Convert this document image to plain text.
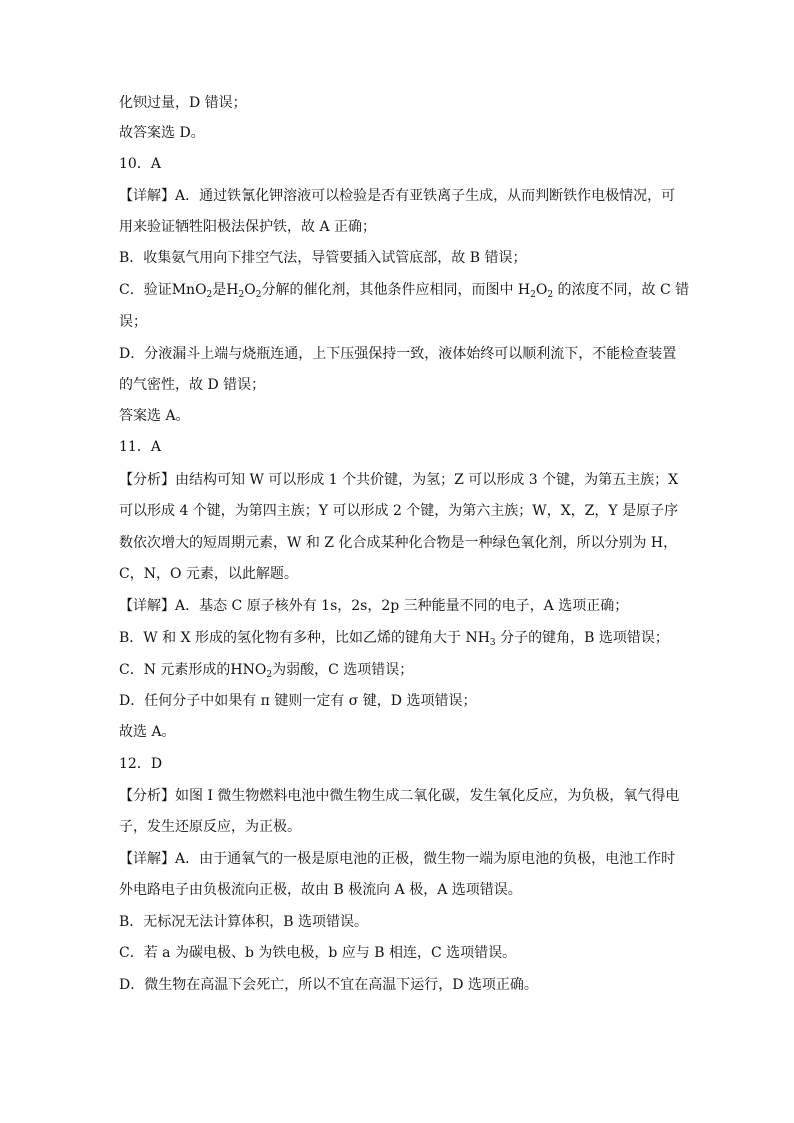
化钡过量，D 错误；
故答案选 D。
10．A
【详解】A．通过铁氰化钾溶液可以检验是否有亚铁离子生成，从而判断铁作电极情况，可
用来验证牺牲阳极法保护铁，故 A 正确；
B．收集氨气用向下排空气法，导管要插入试管底部，故 B 错误；
C．验证MnO$_2$是$H_2O_2$分解的催化剂，其他条件应相同，而图中 $H_2O_2$ 的浓度不同，故 C 错
误；
D．分液漏斗上端与烧瓶连通，上下压强保持一致，液体始终可以顺利流下，不能检查装置
的气密性，故 D 错误；
答案选 A。
11．A
【分析】由结构可知 W 可以形成 1 个共价键，为氢；Z 可以形成 3 个键，为第五主族；X
可以形成 4 个键，为第四主族；Y 可以形成 2 个键，为第六主族；W，X，Z，Y 是原子序
数依次增大的短周期元素，W 和 Z 化合成某种化合物是一种绿色氧化剂，所以分别为 H，
C，N，O 元素，以此解题。
【详解】A．基态 C 原子核外有 1s，2s，2p 三种能量不同的电子，A 选项正确；
B．W 和 X 形成的氢化物有多种，比如乙烯的键角大于 $NH_3$ 分子的键角，B 选项错误；
C．N 元素形成的$HNO_2$为弱酸，C 选项错误；
D．任何分子中如果有 π 键则一定有 σ 键，D 选项错误；
故选 A。
12．D
【分析】如图 I 微生物燃料电池中微生物生成二氧化碳，发生氧化反应，为负极，氧气得电
子，发生还原反应，为正极。
【详解】A．由于通氧气的一极是原电池的正极，微生物一端为原电池的负极，电池工作时
外电路电子由负极流向正极，故由 B 极流向 A 极，A 选项错误。
B．无标况无法计算体积，B 选项错误。
C．若 a 为碳电极、b 为铁电极，b 应与 B 相连，C 选项错误。
D．微生物在高温下会死亡，所以不宜在高温下运行，D 选项正确。
